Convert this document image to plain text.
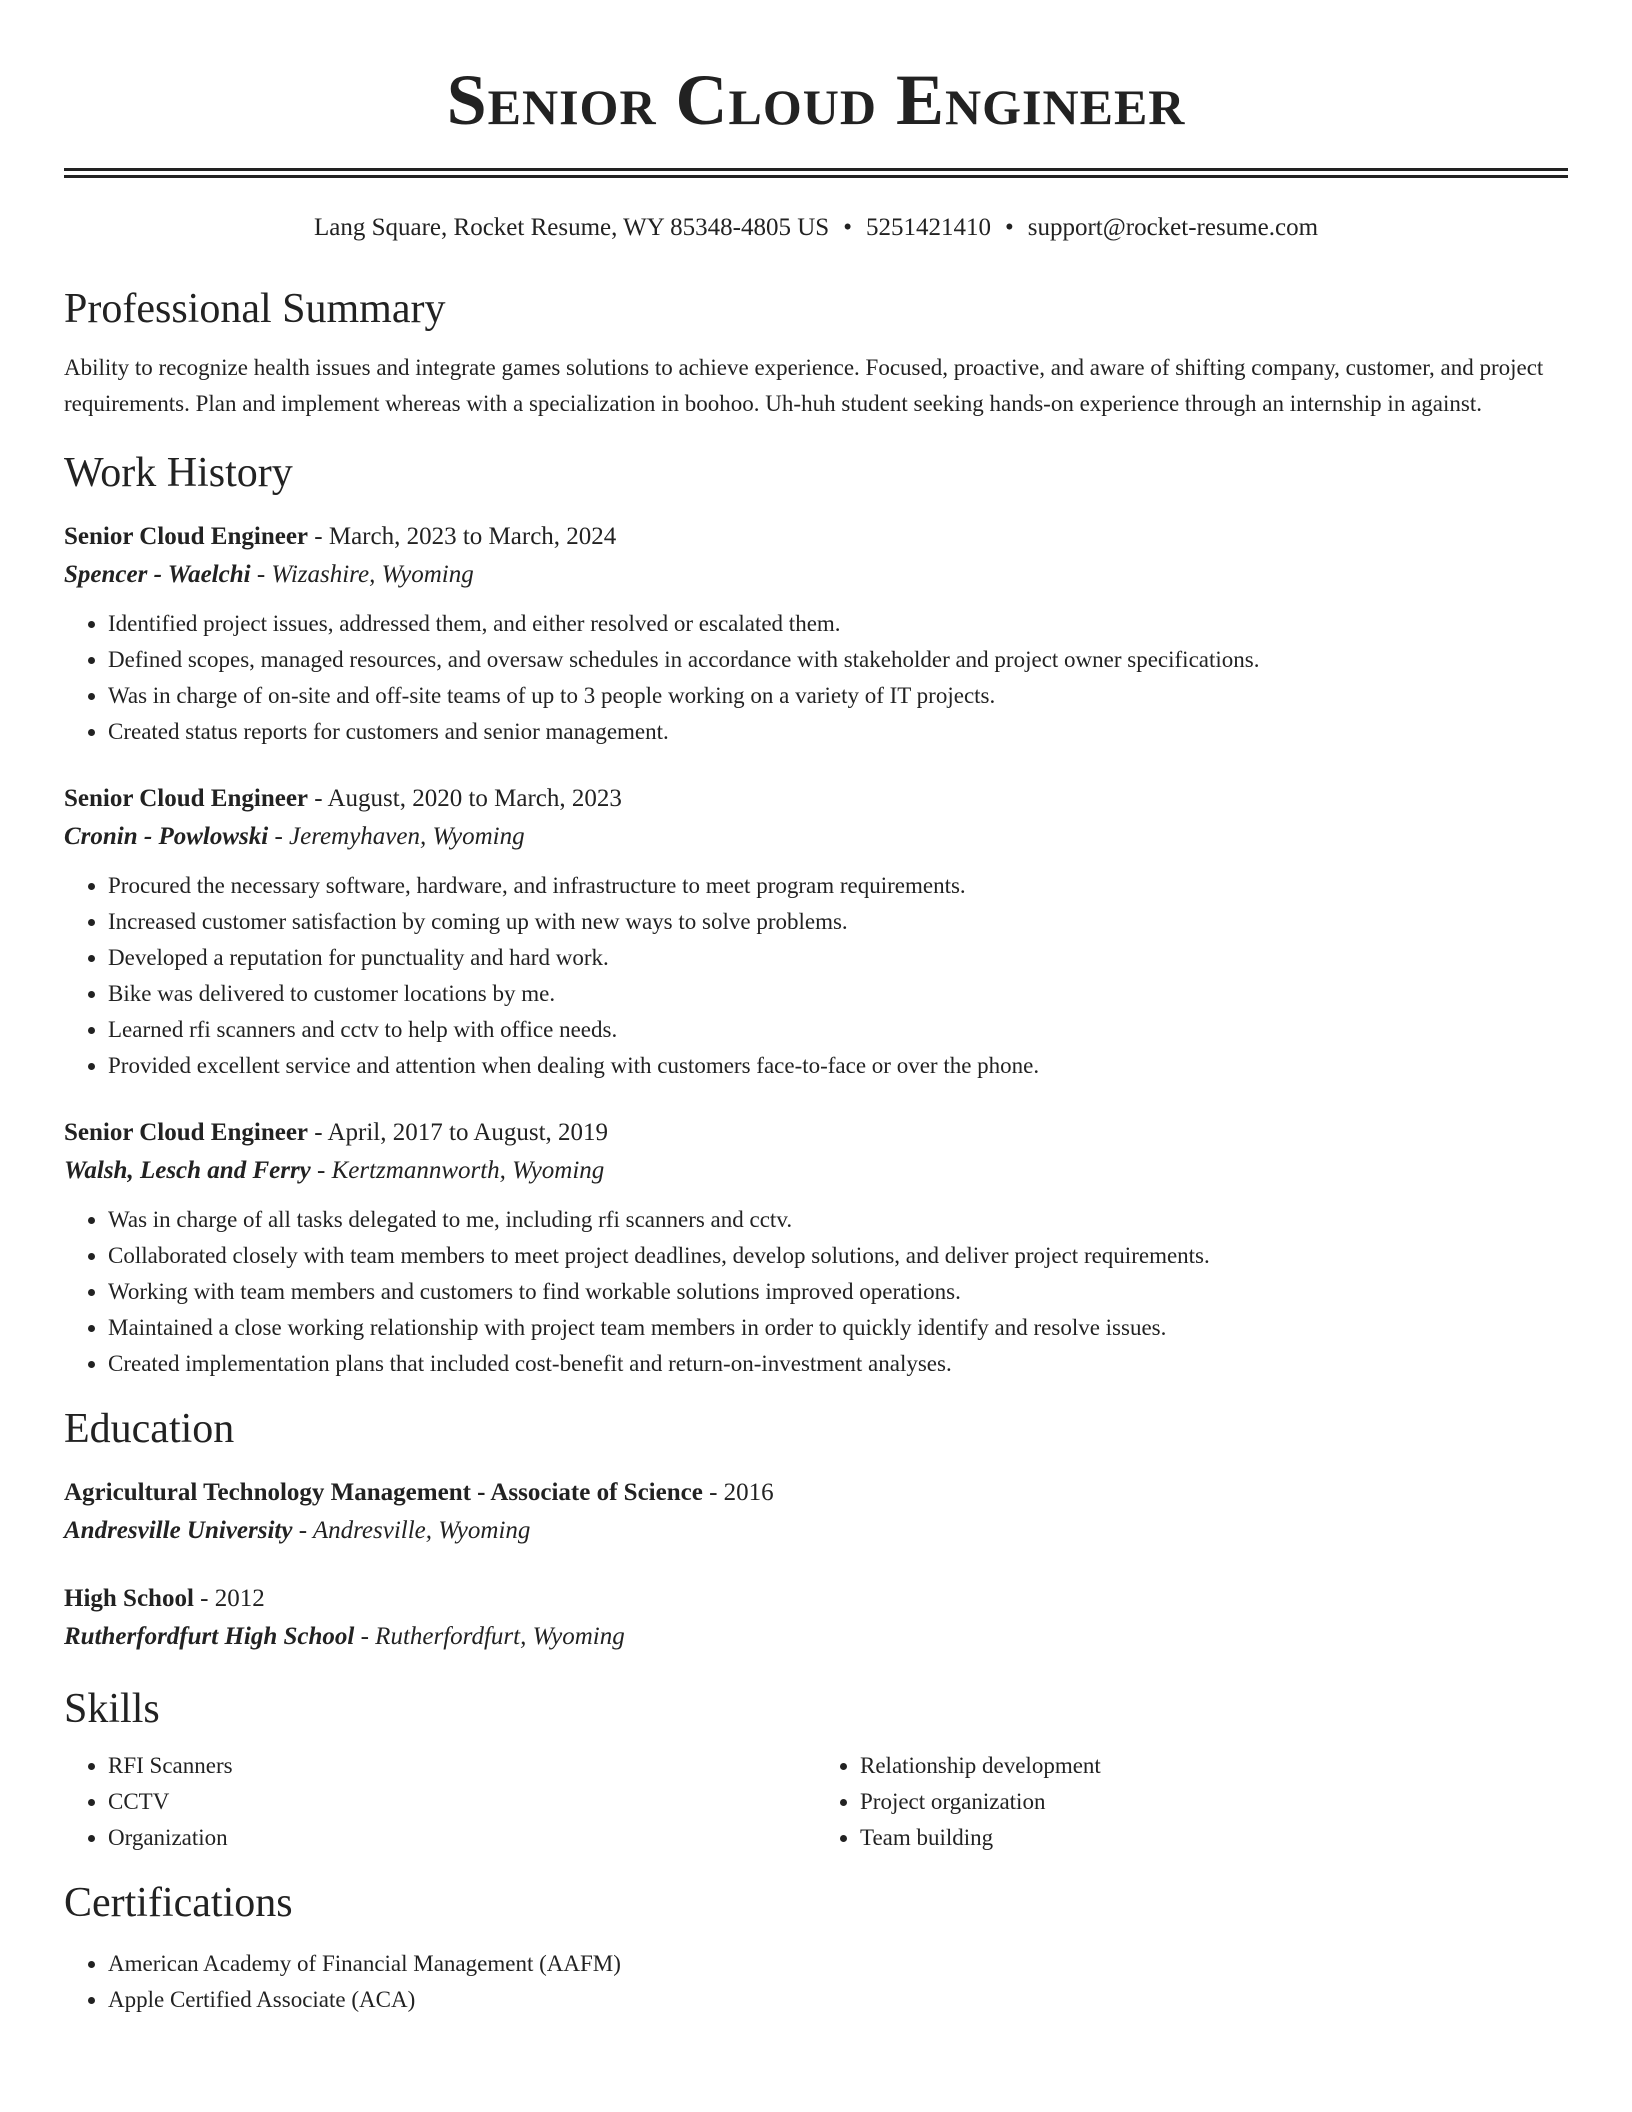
Senior Cloud Engineer
Lang Square, Rocket Resume, WY 85348-4805 US • 5251421410 • support@rocket-resume.com
Professional Summary
Ability to recognize health issues and integrate games solutions to achieve experience. Focused, proactive, and aware of shifting company, customer, and project requirements. Plan and implement whereas with a specialization in boohoo. Uh-huh student seeking hands-on experience through an internship in against.
Work History
Senior Cloud Engineer - March, 2023 to March, 2024
Spencer - Waelchi - Wizashire, Wyoming
• Identified project issues, addressed them, and either resolved or escalated them.
• Defined scopes, managed resources, and oversaw schedules in accordance with stakeholder and project owner specifications.
• Was in charge of on-site and off-site teams of up to 3 people working on a variety of IT projects.
• Created status reports for customers and senior management.
Senior Cloud Engineer - August, 2020 to March, 2023
Cronin - Powlowski - Jeremyhaven, Wyoming
• Procured the necessary software, hardware, and infrastructure to meet program requirements.
• Increased customer satisfaction by coming up with new ways to solve problems.
• Developed a reputation for punctuality and hard work.
• Bike was delivered to customer locations by me.
• Learned rfi scanners and cctv to help with office needs.
• Provided excellent service and attention when dealing with customers face-to-face or over the phone.
Senior Cloud Engineer - April, 2017 to August, 2019
Walsh, Lesch and Ferry - Kertzmannworth, Wyoming
• Was in charge of all tasks delegated to me, including rfi scanners and cctv.
• Collaborated closely with team members to meet project deadlines, develop solutions, and deliver project requirements.
• Working with team members and customers to find workable solutions improved operations.
• Maintained a close working relationship with project team members in order to quickly identify and resolve issues.
• Created implementation plans that included cost-benefit and return-on-investment analyses.
Education
Agricultural Technology Management - Associate of Science - 2016
Andresville University - Andresville, Wyoming
High School - 2012
Rutherfordfurt High School - Rutherfordfurt, Wyoming
Skills
• RFI Scanners
• CCTV
• Organization
• Relationship development
• Project organization
• Team building
Certifications
• American Academy of Financial Management (AAFM)
• Apple Certified Associate (ACA)
